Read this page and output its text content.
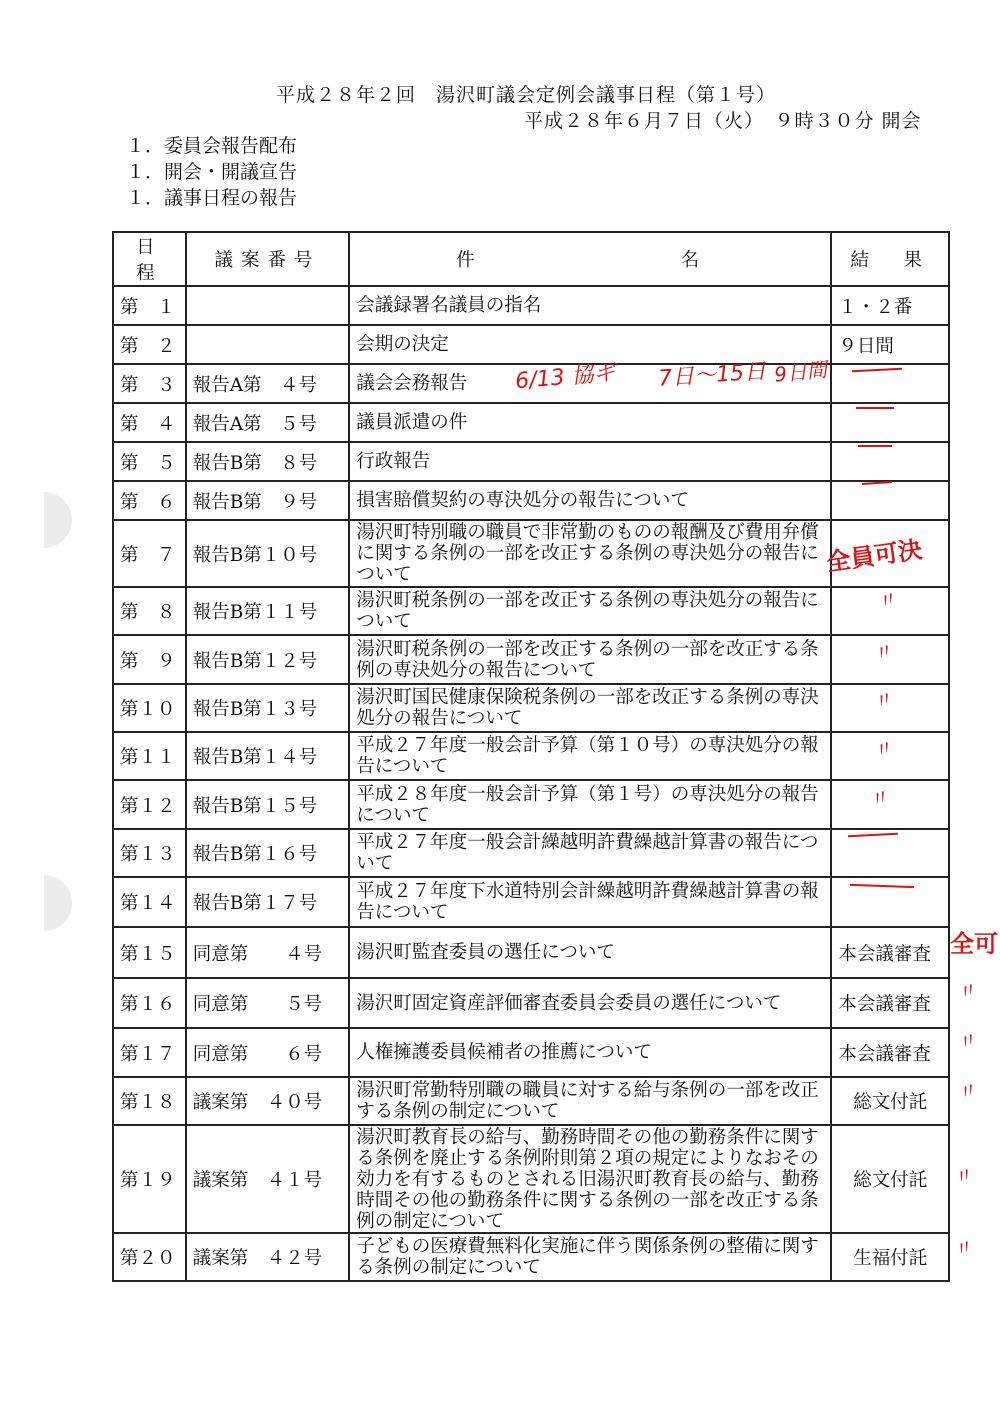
平成２８年２回　湯沢町議会定例会議事日程（第１号）
平成２８年６月７日（火）　９時３０分 開会
１．委員会報告配布
１．開会・開議宣告
１．議事日程の報告
日　程	議案番号	件 名	結　果
第　１		会議録署名議員の指名	１・２番
第　２		会期の決定	９日間
第　３	報告A第　４号	議会会務報告	
第　４	報告A第　５号	議員派遣の件	
第　５	報告B第　８号	行政報告	
第　６	報告B第　９号	損害賠償契約の専決処分の報告について	
第　７	報告B第１０号	湯沢町特別職の職員で非常勤のものの報酬及び費用弁償に関する条例の一部を改正する条例の専決処分の報告について	
第　８	報告B第１１号	湯沢町税条例の一部を改正する条例の専決処分の報告について	
第　９	報告B第１２号	湯沢町税条例の一部を改正する条例の一部を改正する条例の専決処分の報告について	
第１０	報告B第１３号	湯沢町国民健康保険税条例の一部を改正する条例の専決処分の報告について	
第１１	報告B第１４号	平成２７年度一般会計予算（第１０号）の専決処分の報告について	
第１２	報告B第１５号	平成２８年度一般会計予算（第１号）の専決処分の報告について	
第１３	報告B第１６号	平成２７年度一般会計繰越明許費繰越計算書の報告について	
第１４	報告B第１７号	平成２７年度下水道特別会計繰越明許費繰越計算書の報告について	
第１５	同意第　　４号	湯沢町監査委員の選任について	本会議審査
第１６	同意第　　５号	湯沢町固定資産評価審査委員会委員の選任について	本会議審査
第１７	同意第　　６号	人権擁護委員候補者の推薦について	本会議審査
第１８	議案第　４０号	湯沢町常勤特別職の職員に対する給与条例の一部を改正する条例の制定について	総文付託
第１９	議案第　４１号	湯沢町教育長の給与、勤務時間その他の勤務条件に関する条例を廃止する条例附則第２項の規定によりなおその効力を有するものとされる旧湯沢町教育長の給与、勤務時間その他の勤務条件に関する条例の一部を改正する条例の制定について	総文付託
第２０	議案第　４２号	子どもの医療費無料化実施に伴う関係条例の整備に関する条例の制定について	生福付託
6/13 協ギ 7日～15日 9日間
全員可決
〃
〃
〃
〃
〃
全可
〃
〃
〃
〃
〃
